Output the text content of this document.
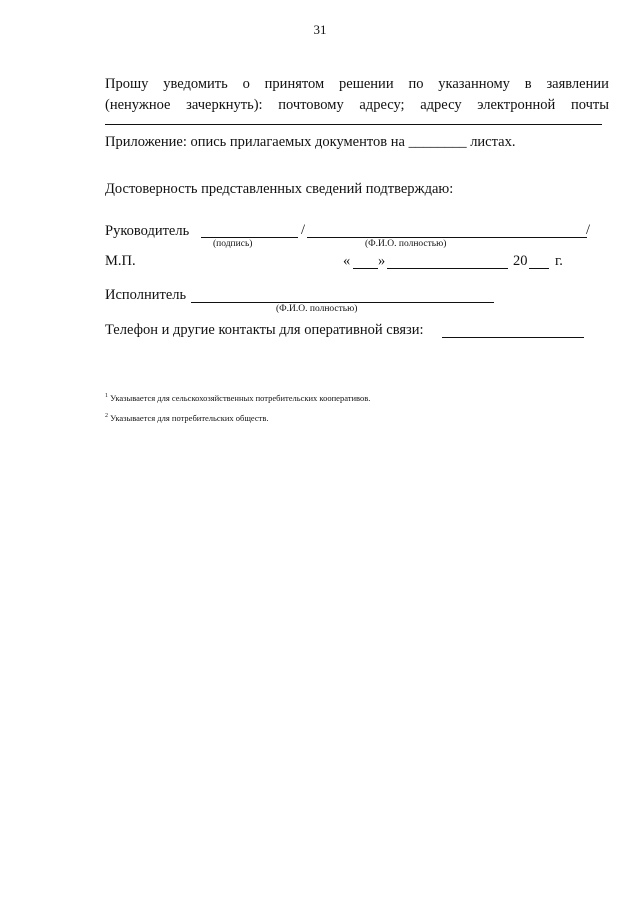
31
Прошу уведомить о принятом решении по указанному в заявлении
(ненужное зачеркнуть): почтовому адресу; адресу электронной почты
Приложение: опись прилагаемых документов на ________ листах.
Достоверность представленных сведений подтверждаю:
Руководитель	/	/
(подпись)	(Ф.И.О. полностью)
М.П.	« »	20 г.
Исполнитель
(Ф.И.О. полностью)
Телефон и другие контакты для оперативной связи:
$^1$ Указывается для сельскохозяйственных потребительских кооперативов.
$^2$ Указывается для потребительских обществ.
